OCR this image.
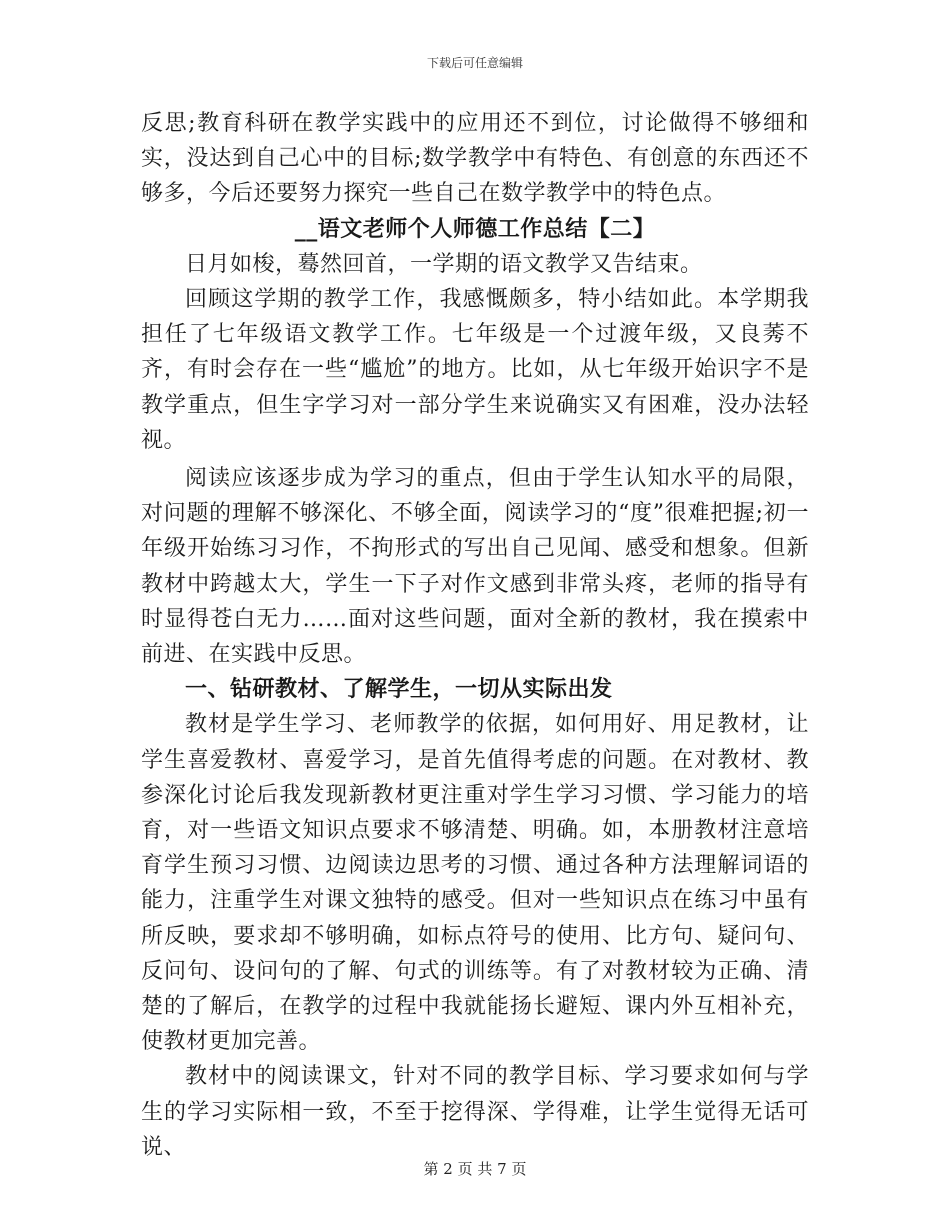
下载后可任意编辑

反思;教育科研在教学实践中的应用还不到位，讨论做得不够细和实，没达到自己心中的目标;数学教学中有特色、有创意的东西还不够多，今后还要努力探究一些自己在数学教学中的特色点。

__语文老师个人师德工作总结【二】

日月如梭，蓦然回首，一学期的语文教学又告结束。

回顾这学期的教学工作，我感慨颇多，特小结如此。本学期我担任了七年级语文教学工作。七年级是一个过渡年级，又良莠不齐，有时会存在一些“尴尬”的地方。比如，从七年级开始识字不是教学重点，但生字学习对一部分学生来说确实又有困难，没办法轻视。

阅读应该逐步成为学习的重点，但由于学生认知水平的局限，对问题的理解不够深化、不够全面，阅读学习的“度”很难把握;初一年级开始练习习作，不拘形式的写出自己见闻、感受和想象。但新教材中跨越太大，学生一下子对作文感到非常头疼，老师的指导有时显得苍白无力……面对这些问题，面对全新的教材，我在摸索中前进、在实践中反思。

一、钻研教材、了解学生，一切从实际出发

教材是学生学习、老师教学的依据，如何用好、用足教材，让学生喜爱教材、喜爱学习，是首先值得考虑的问题。在对教材、教参深化讨论后我发现新教材更注重对学生学习习惯、学习能力的培育，对一些语文知识点要求不够清楚、明确。如，本册教材注意培育学生预习习惯、边阅读边思考的习惯、通过各种方法理解词语的能力，注重学生对课文独特的感受。但对一些知识点在练习中虽有所反映，要求却不够明确，如标点符号的使用、比方句、疑问句、反问句、设问句的了解、句式的训练等。有了对教材较为正确、清楚的了解后，在教学的过程中我就能扬长避短、课内外互相补充，使教材更加完善。

教材中的阅读课文，针对不同的教学目标、学习要求如何与学生的学习实际相一致，不至于挖得深、学得难，让学生觉得无话可说、

第 2 页 共 7 页
